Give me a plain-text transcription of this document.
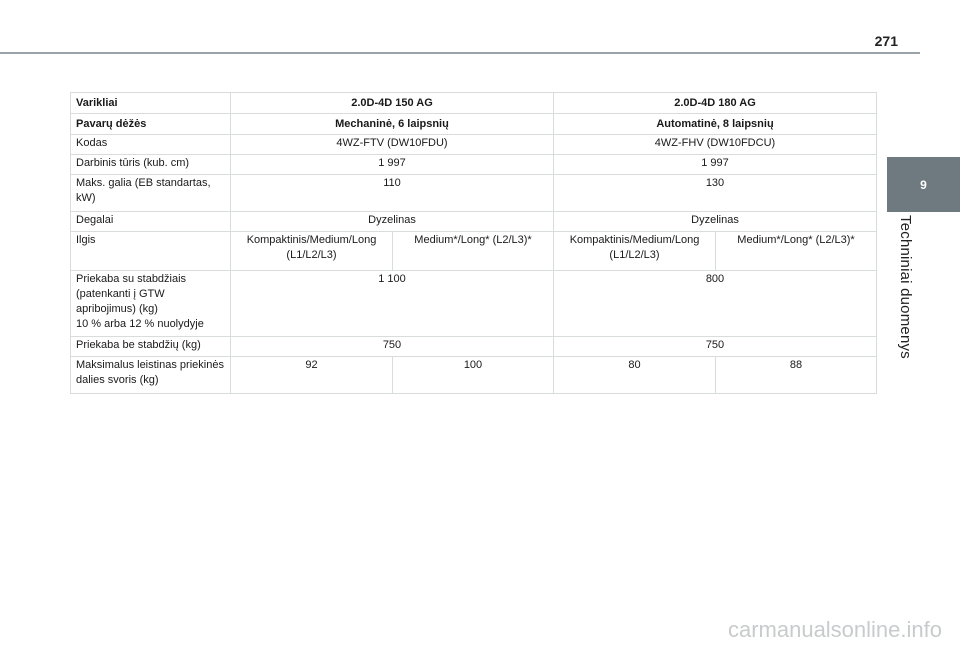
271
9
Techniniai duomenys
Varikliai	2.0D-4D 150 AG		2.0D-4D 180 AG	
Pavarų dėžės	Mechaninė, 6 laipsnių		Automatinė, 8 laipsnių	
Kodas	4WZ-FTV (DW10FDU)		4WZ-FHV (DW10FDCU)	
Darbinis tūris (kub. cm)	1 997		1 997	
Maks. galia (EB standartas, kW)	110		130	
Degalai	Dyzelinas		Dyzelinas	
Ilgis	Kompaktinis/Medium/Long (L1/L2/L3)	Medium*/Long* (L2/L3)*	Kompaktinis/Medium/Long (L1/L2/L3)	Medium*/Long* (L2/L3)*
Priekaba su stabdžiais (patenkanti į GTW apribojimus) (kg)
10 % arba 12 % nuolydyje	1 100		800	
Priekaba be stabdžių (kg)	750		750	
Maksimalus leistinas priekinės dalies svoris (kg)	92	100	80	88
carmanualsonline.info
